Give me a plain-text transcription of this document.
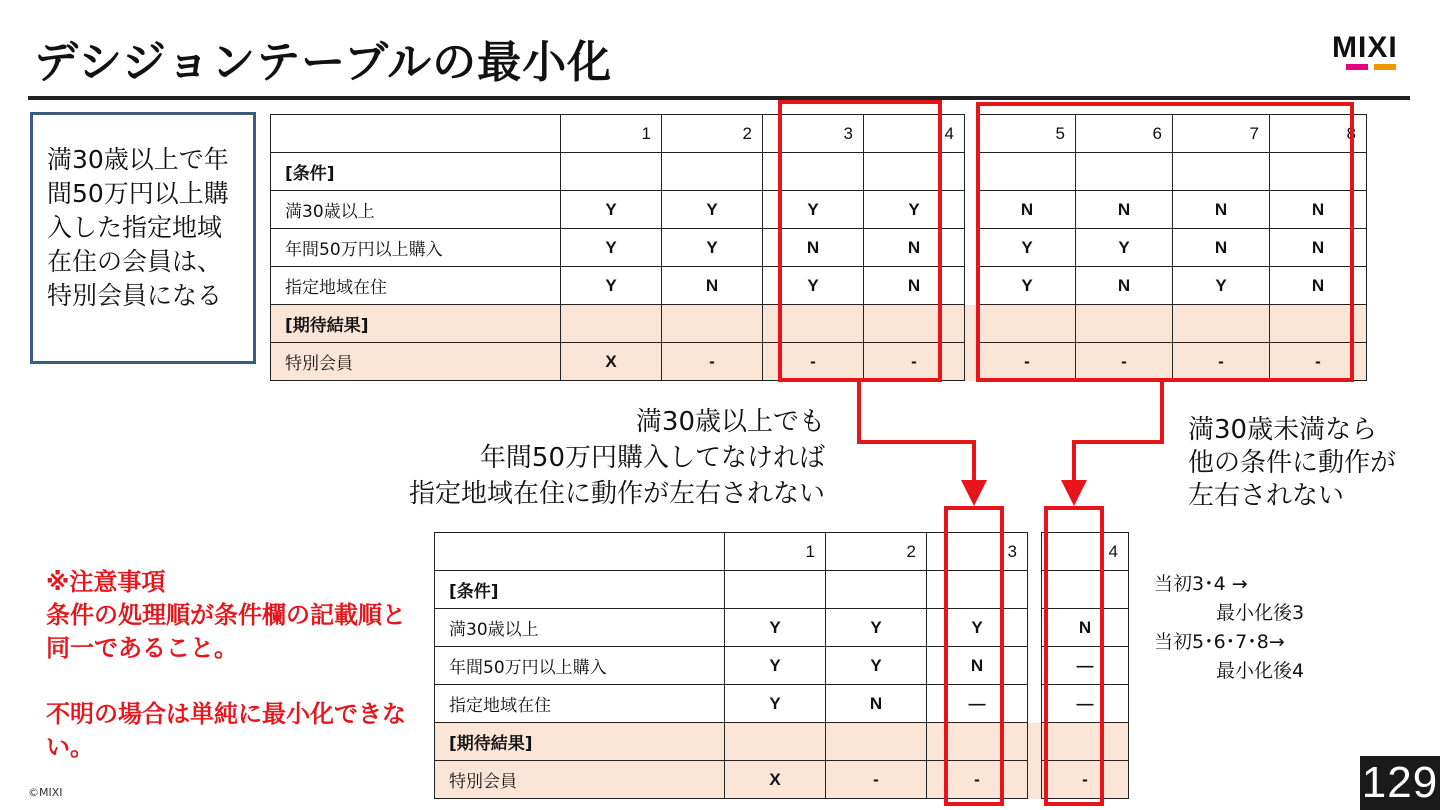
デシジョンテーブルの最小化	MIXI
満30歳以上で年間50万円以上購入した指定地域在住の会員は、特別会員になる
	1	2	3	4		5	6	7	8
[条件]									
満30歳以上	Y	Y	Y	Y		N	N	N	N
年間50万円以上購入	Y	Y	N	N		Y	Y	N	N
指定地域在住	Y	N	Y	N		Y	N	Y	N
[期待結果]									
特別会員	X	-	-	-		-	-	-	-
満30歳以上でも
年間50万円購入してなければ
指定地域在住に動作が左右されない
満30歳未満なら
他の条件に動作が
左右されない
	1	2	3		4
[条件]					
満30歳以上	Y	Y	Y		N
年間50万円以上購入	Y	Y	N		—
指定地域在住	Y	N	—		—
[期待結果]					
特別会員	X	-	-		-
当初3･4 →
最小化後3
当初5･6･7･8→
最小化後4
※注意事項
条件の処理順が条件欄の記載順と同一であること。
不明の場合は単純に最小化できない。
©MIXI	129
